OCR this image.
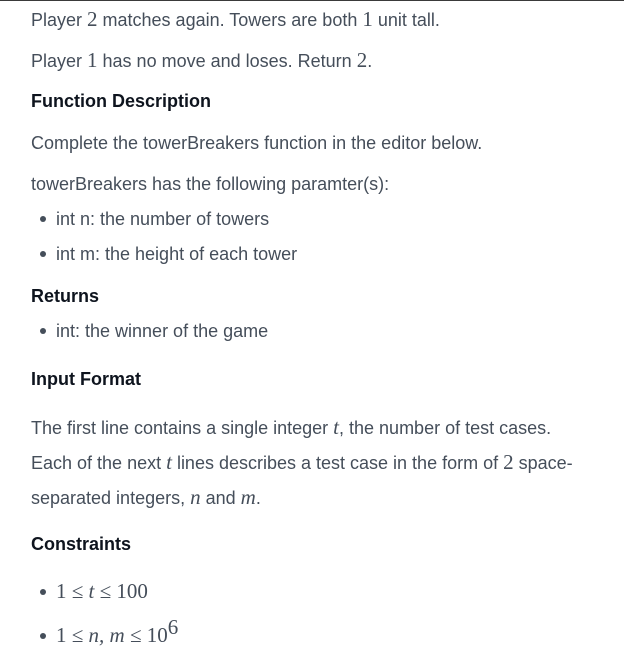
Player 2 matches again. Towers are both 1 unit tall.
Player 1 has no move and loses. Return 2.
Function Description
Complete the towerBreakers function in the editor below.
towerBreakers has the following paramter(s):
int n: the number of towers
int m: the height of each tower
Returns
int: the winner of the game
Input Format
The first line contains a single integer t, the number of test cases.
Each of the next t lines describes a test case in the form of 2 space-
separated integers, n and m.
Constraints
1 ≤ t ≤ 100
1 ≤ n, $m \le 10^6$
